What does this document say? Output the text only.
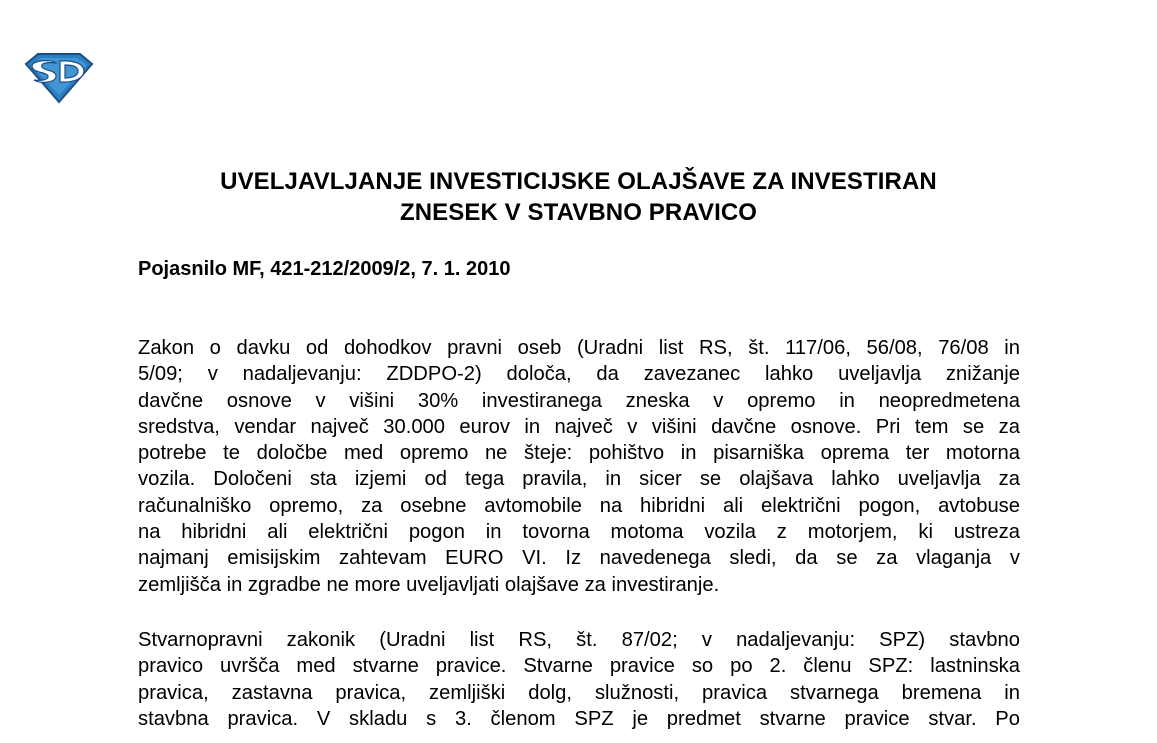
UVELJAVLJANJE INVESTICIJSKE OLAJŠAVE ZA INVESTIRAN
ZNESEK V STAVBNO PRAVICO
Pojasnilo MF, 421-212/2009/2, 7. 1. 2010
Zakon o davku od dohodkov pravni oseb (Uradni list RS, št. 117/06, 56/08, 76/08 in
5/09; v nadaljevanju: ZDDPO-2) določa, da zavezanec lahko uveljavlja znižanje
davčne osnove v višini 30% investiranega zneska v opremo in neopredmetena
sredstva, vendar največ 30.000 eurov in največ v višini davčne osnove. Pri tem se za
potrebe te določbe med opremo ne šteje: pohištvo in pisarniška oprema ter motorna
vozila. Določeni sta izjemi od tega pravila, in sicer se olajšava lahko uveljavlja za
računalniško opremo, za osebne avtomobile na hibridni ali električni pogon, avtobuse
na hibridni ali električni pogon in tovorna motoma vozila z motorjem, ki ustreza
najmanj emisijskim zahtevam EURO VI. Iz navedenega sledi, da se za vlaganja v
zemljišča in zgradbe ne more uveljavljati olajšave za investiranje.
Stvarnopravni zakonik (Uradni list RS, št. 87/02; v nadaljevanju: SPZ) stavbno
pravico uvršča med stvarne pravice. Stvarne pravice so po 2. členu SPZ: lastninska
pravica, zastavna pravica, zemljiški dolg, služnosti, pravica stvarnega bremena in
stavbna pravica. V skladu s 3. členom SPZ je predmet stvarne pravice stvar. Po
